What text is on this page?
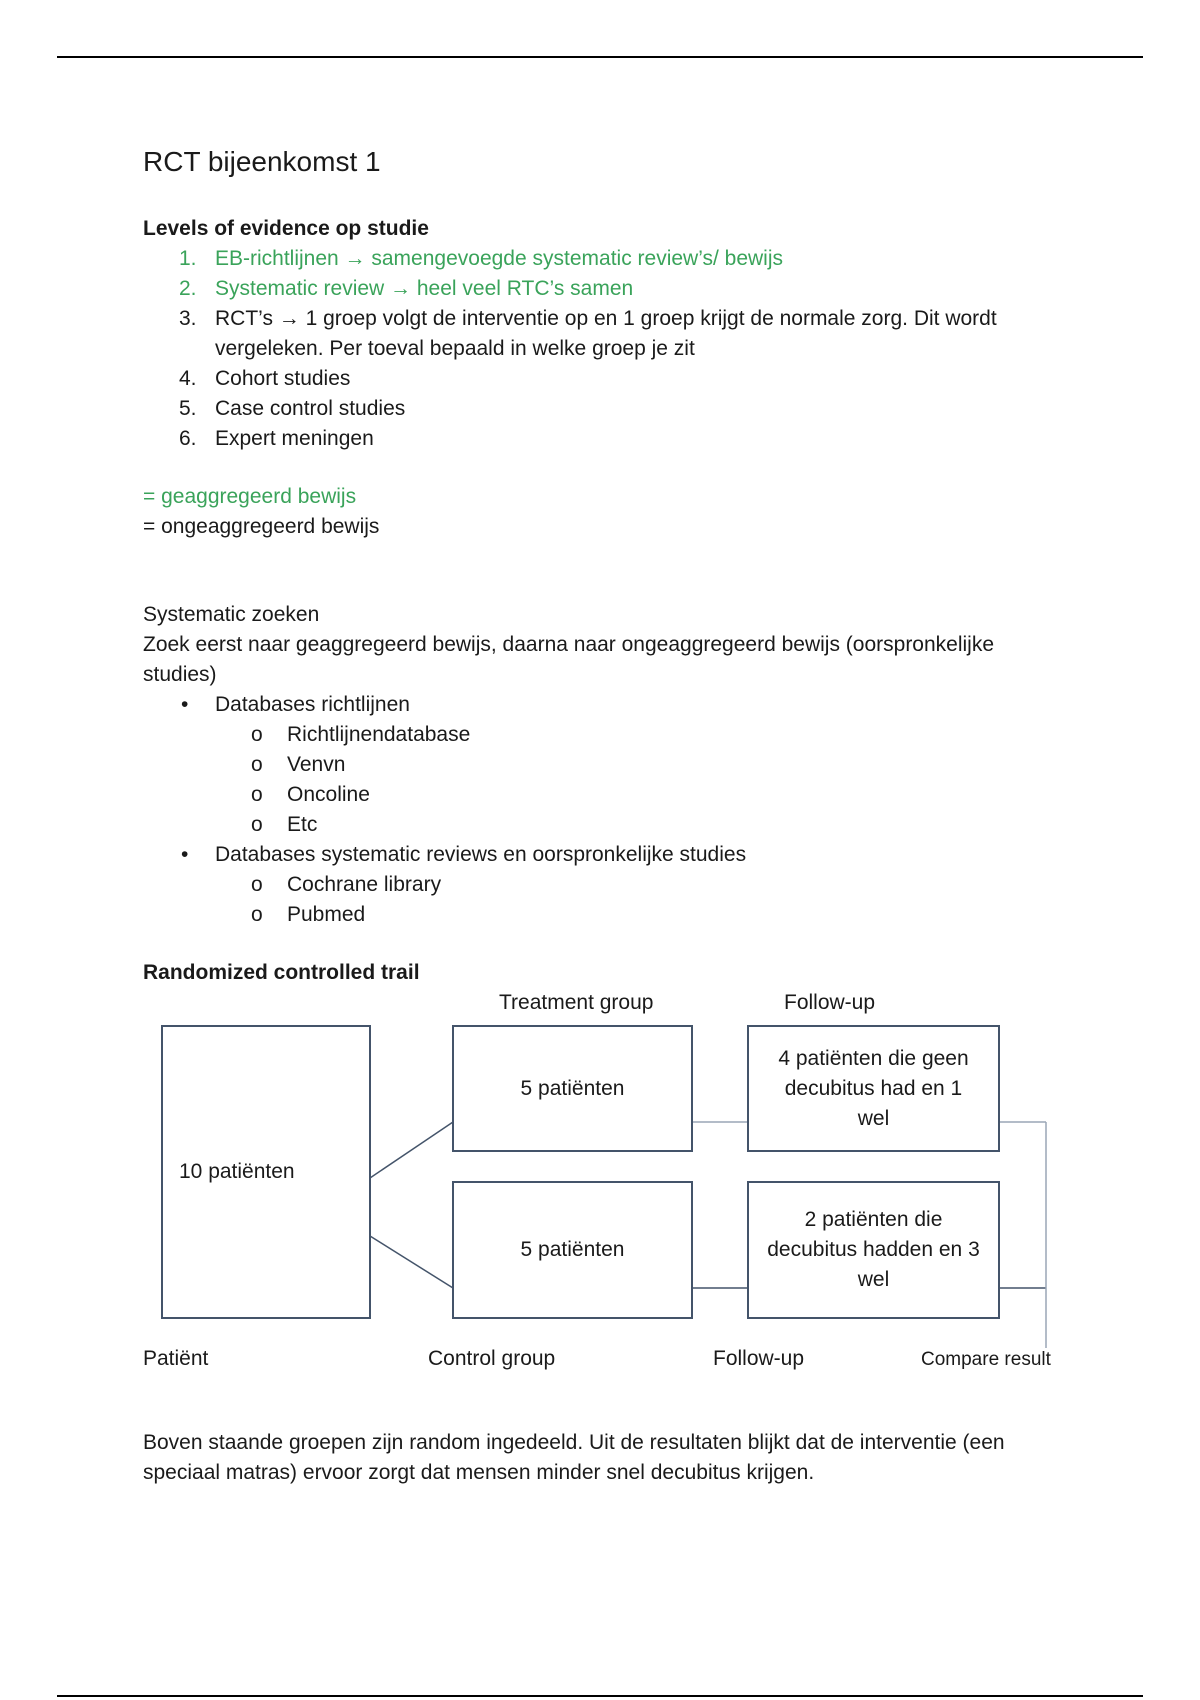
RCT bijeenkomst 1
Levels of evidence op studie
1. EB-richtlijnen → samengevoegde systematic review’s/ bewijs
2. Systematic review → heel veel RTC’s samen
3. RCT’s → 1 groep volgt de interventie op en 1 groep krijgt de normale zorg. Dit wordt vergeleken. Per toeval bepaald in welke groep je zit
4. Cohort studies
5. Case control studies
6. Expert meningen
= geaggregeerd bewijs
= ongeaggregeerd bewijs
Systematic zoeken
Zoek eerst naar geaggregeerd bewijs, daarna naar ongeaggregeerd bewijs (oorspronkelijke studies)
• Databases richtlijnen
o Richtlijnendatabase
o Venvn
o Oncoline
o Etc
• Databases systematic reviews en oorspronkelijke studies
o Cochrane library
o Pubmed
Randomized controlled trail
Treatment group	Follow-up
10 patiënten
5 patiënten
5 patiënten
4 patiënten die geen decubitus had en 1 wel
2 patiënten die decubitus hadden en 3 wel
Patiënt	Control group	Follow-up	Compare result
Boven staande groepen zijn random ingedeeld. Uit de resultaten blijkt dat de interventie (een speciaal matras) ervoor zorgt dat mensen minder snel decubitus krijgen.
